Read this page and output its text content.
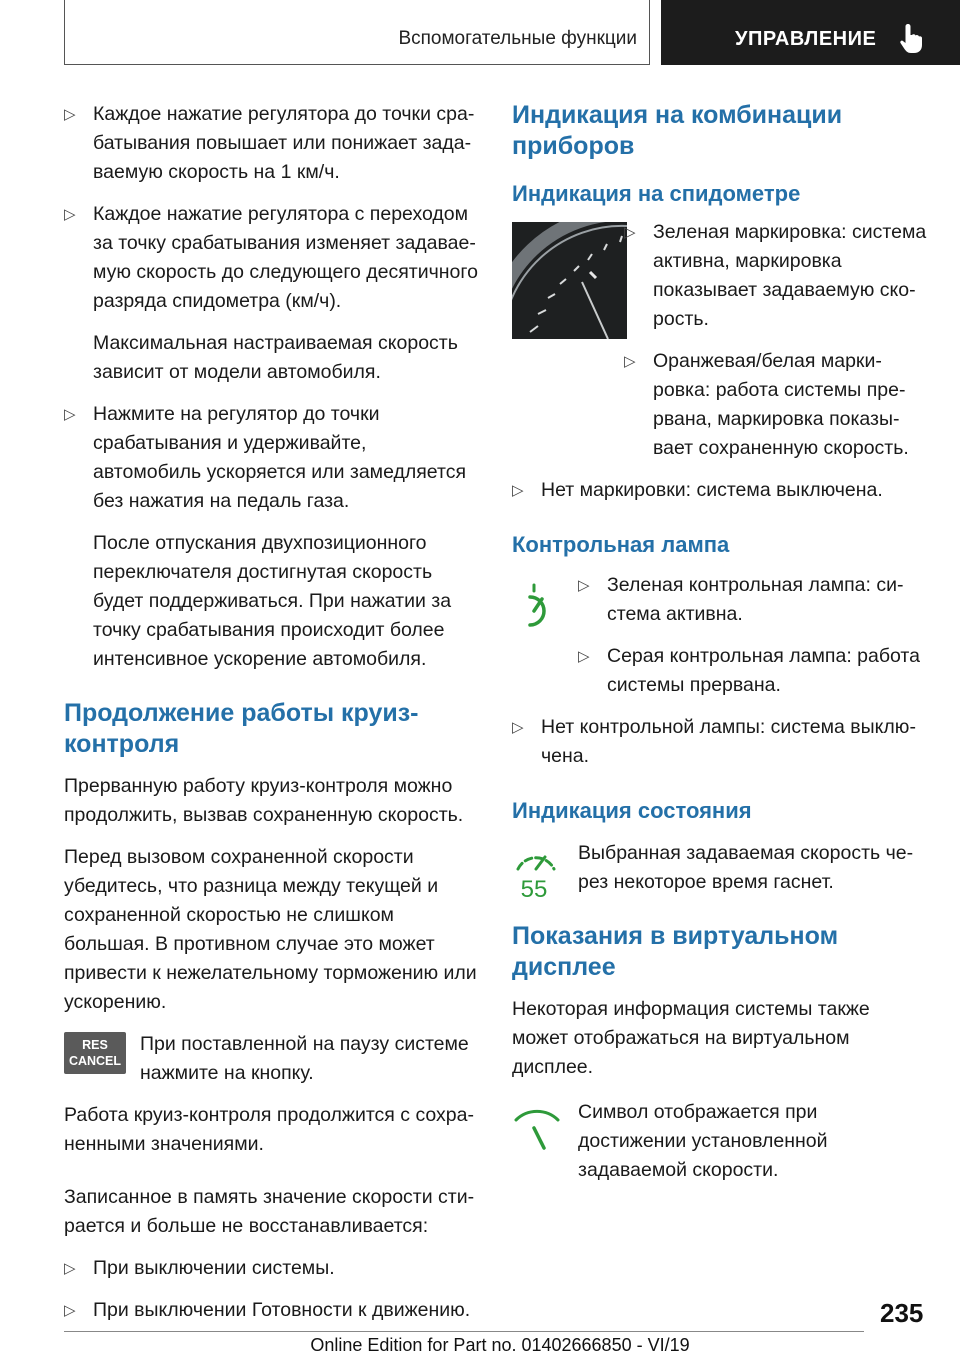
Вспомогательные функции	УПРАВЛЕНИЕ
▷ Каждое нажатие регулятора до точки срабатывания повышает или понижает задаваемую скорость на 1 км/ч.
▷ Каждое нажатие регулятора с переходом за точку срабатывания изменяет задаваемую скорость до следующего десятичного разряда спидометра (км/ч).

Максимальная настраиваемая скорость зависит от модели автомобиля.

▷ Нажмите на регулятор до точки срабатывания и удерживайте, автомобиль ускоряется или замедляется без нажатия на педаль газа.

После отпускания двухпозиционного переключателя достигнутая скорость будет поддерживаться. При нажатии за точку срабатывания происходит более интенсивное ускорение автомобиля.

Продолжение работы круиз-контроля

Прерванную работу круиз-контроля можно продолжить, вызвав сохраненную скорость.

Перед вызовом сохраненной скорости убедитесь, что разница между текущей и сохраненной скоростью не слишком большая. В противном случае это может привести к нежелательному торможению или ускорению.

RES
CANCEL
При поставленной на паузу системе нажмите на кнопку.

Работа круиз-контроля продолжится с сохраненными значениями.

Записанное в память значение скорости стирается и больше не восстанавливается:

▷ При выключении системы.
▷ При выключении Готовности к движению.
Индикация на комбинации приборов
Индикация на спидометре
▷ Зеленая маркировка: система активна, маркировка показывает задаваемую скорость.
▷ Оранжевая/белая маркировка: работа системы прервана, маркировка показывает сохраненную скорость.
▷ Нет маркировки: система выключена.
Контрольная лампа
▷ Зеленая контрольная лампа: система активна.
▷ Серая контрольная лампа: работа системы прервана.
▷ Нет контрольной лампы: система выключена.
Индикация состояния
55
Выбранная задаваемая скорость через некоторое время гаснет.
Показания в виртуальном дисплее

Некоторая информация системы также может отображаться на виртуальном дисплее.

Символ отображается при достижении установленной задаваемой скорости.
235
Online Edition for Part no. 01402666850 - VI/19
